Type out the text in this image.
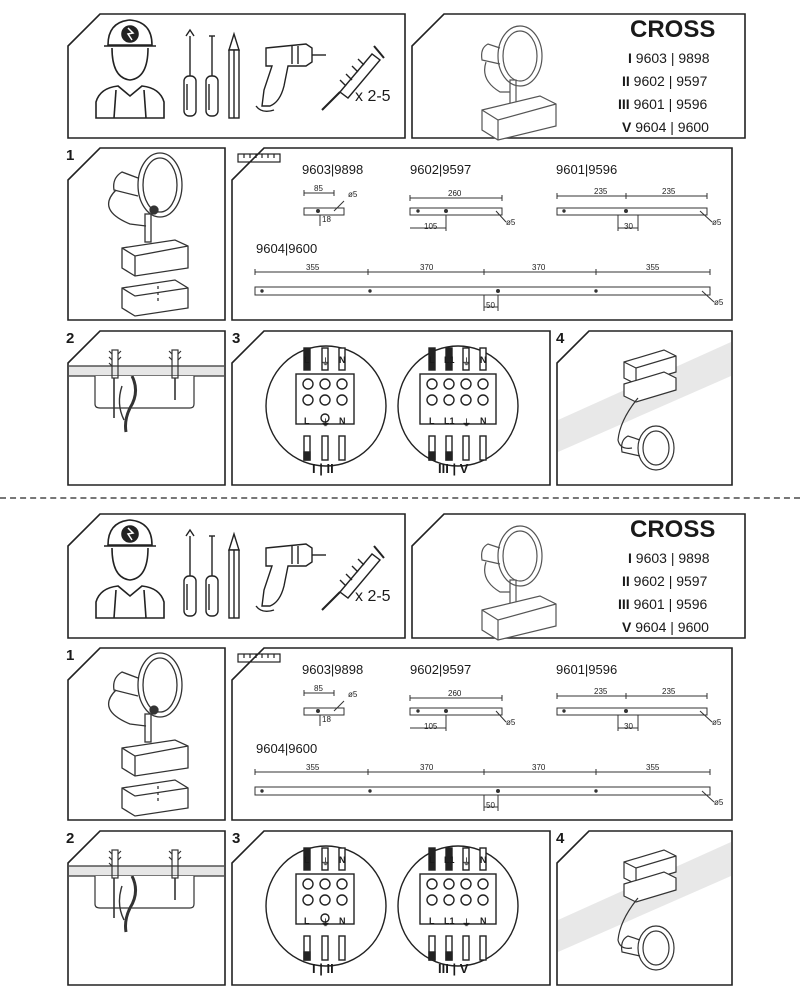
CROSS
I 9603 | 9898
II 9602 | 9597
III 9601 | 9596
V 9604 | 9600
x 2-5
1
2	3	4
9603|9898	9602|9597	9601|9596
9604|9600
85
18
ø5	260
105	ø5
235	235
30	ø5
355	370	370	355
50	ø5
L ⏚ N
L ⏚ N
I | II
L L1 ⏚ N
L L1 ⏚ N
III | V
CROSS
I 9603 | 9898
II 9602 | 9597
III 9601 | 9596
V 9604 | 9600
x 2-5
1
2	3	4
9603|9898	9602|9597	9601|9596
9604|9600
85
18
ø5	260
105	ø5
235	235
30	ø5
355	370	370	355
50	ø5
L ⏚ N
L ⏚ N
I | II
L L1 ⏚ N
L L1 ⏚ N
III | V
